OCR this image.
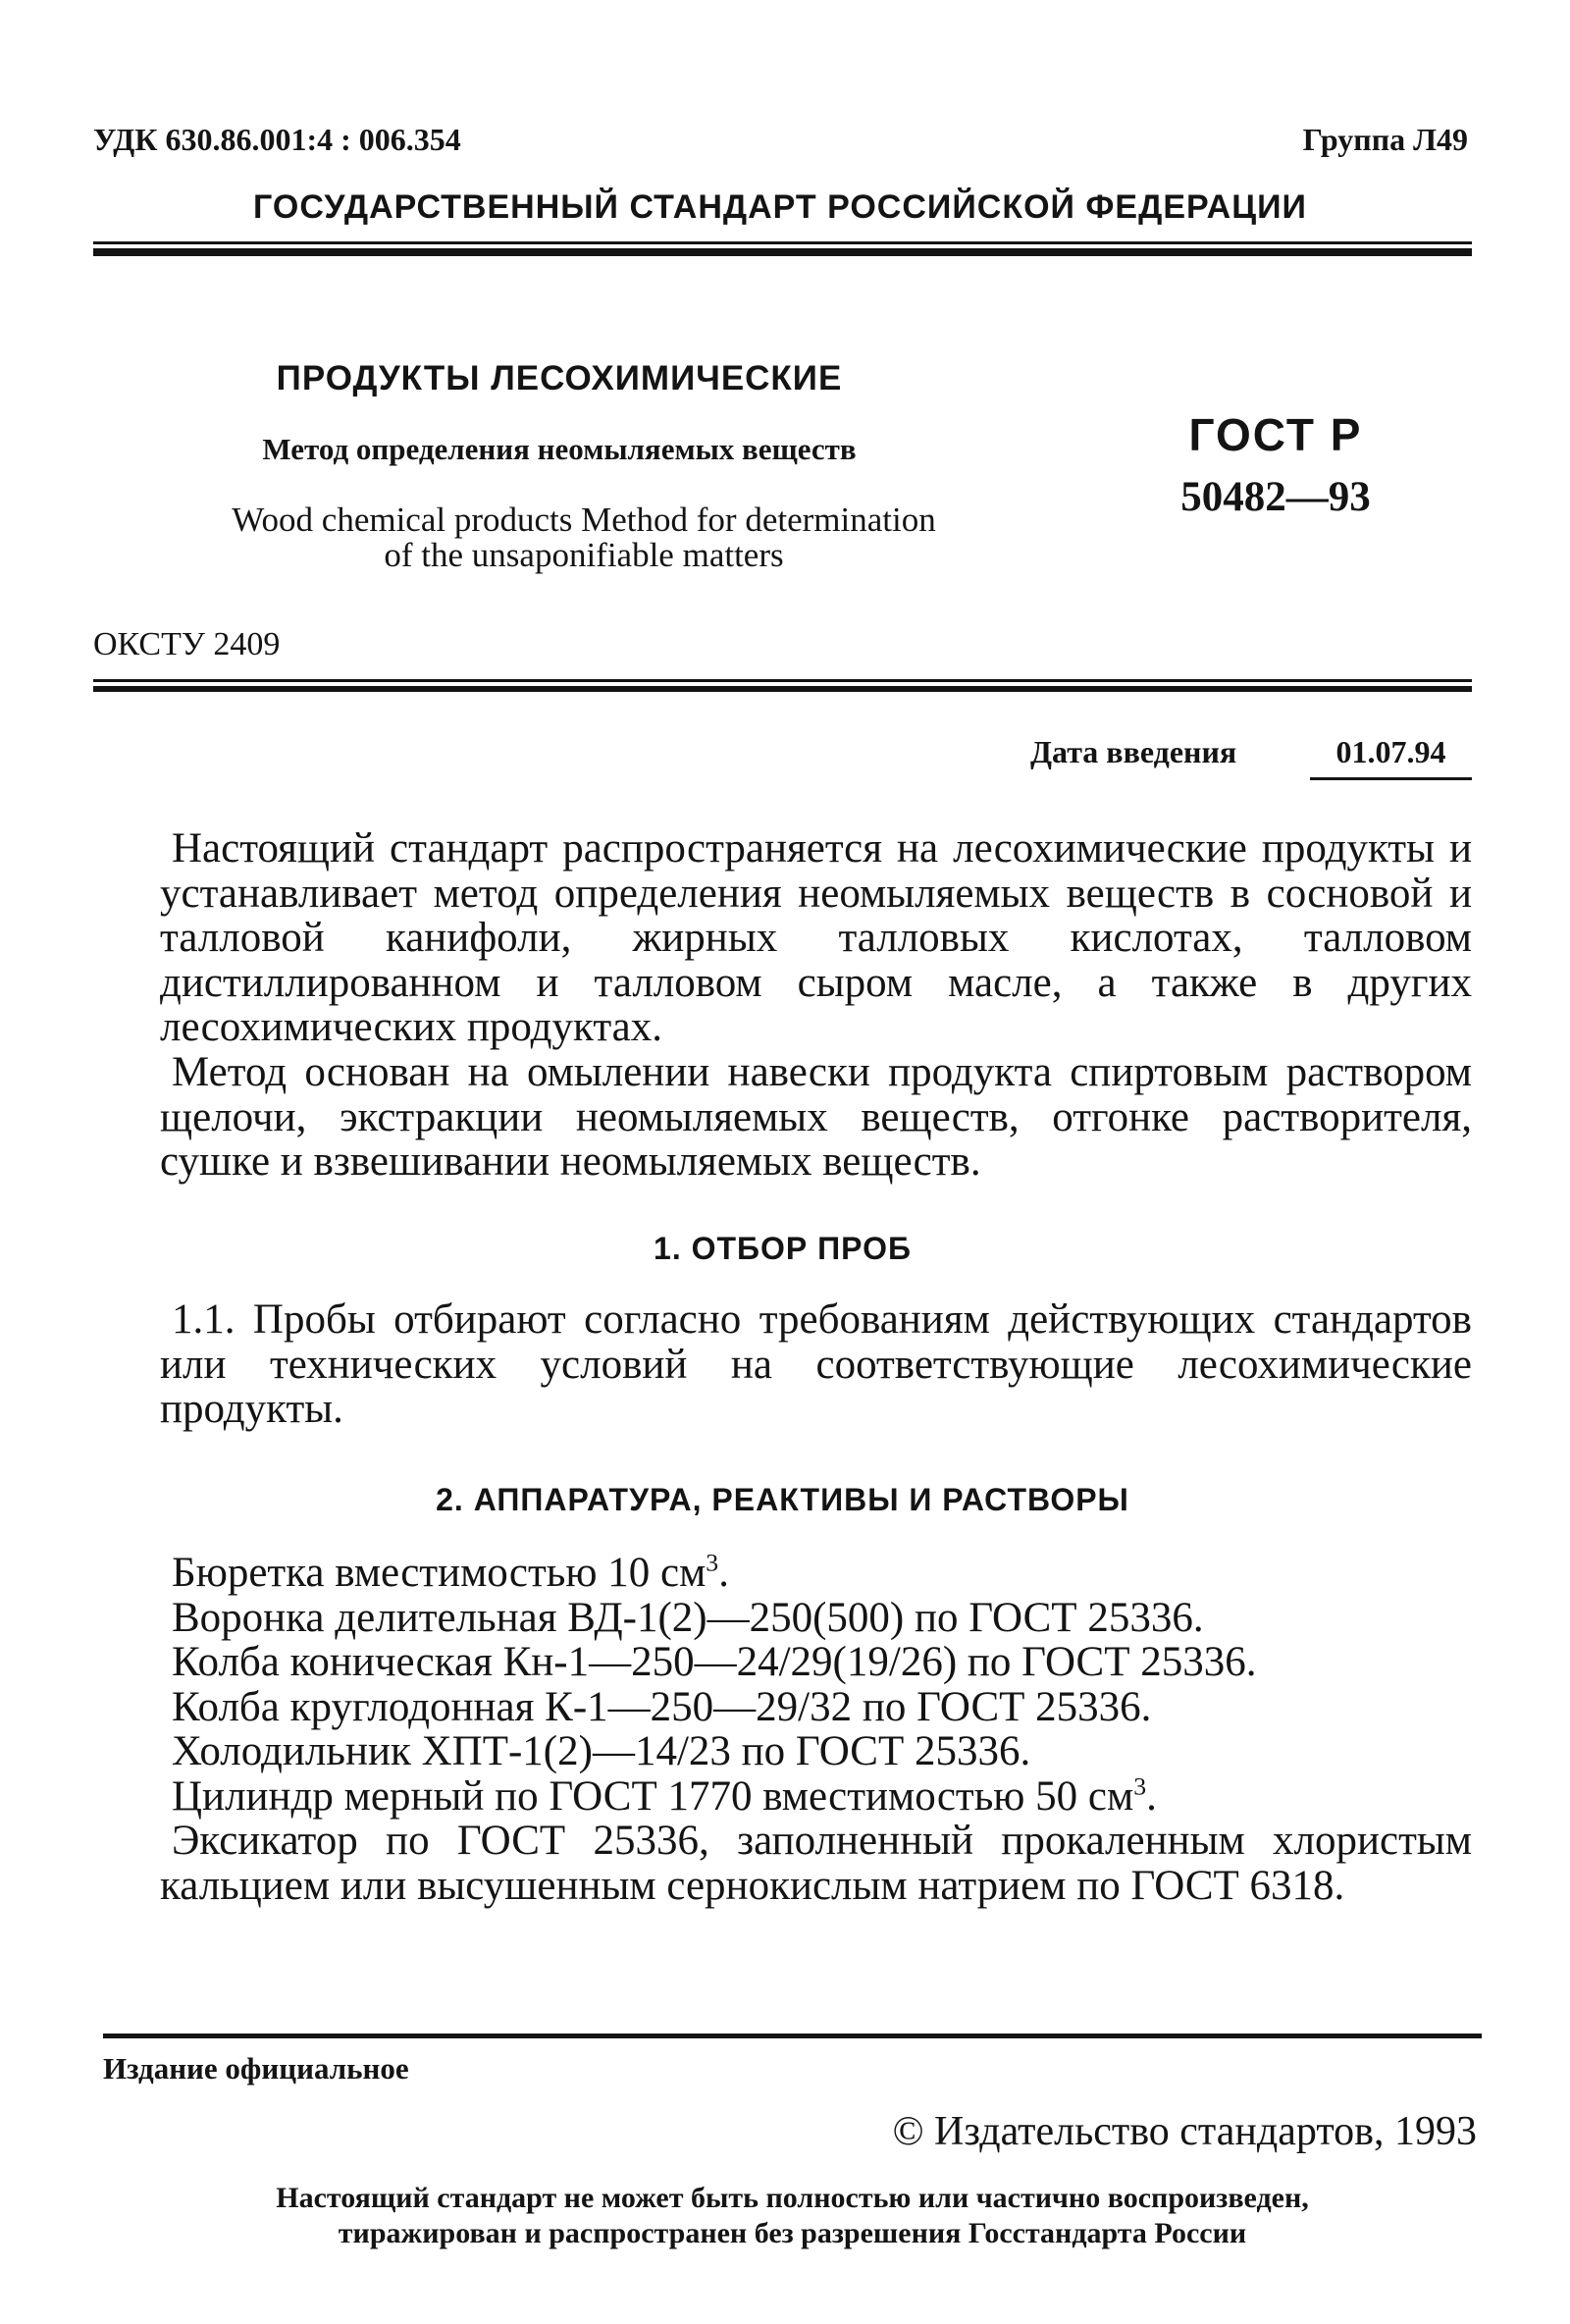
УДК 630.86.001:4 : 006.354	Группа Л49
ГОСУДАРСТВЕННЫЙ СТАНДАРТ РОССИЙСКОЙ ФЕДЕРАЦИИ
ПРОДУКТЫ ЛЕСОХИМИЧЕСКИЕ
Метод определения неомыляемых веществ
Wood chemical products Method for determination
of the unsaponifiable matters
ГОСТ Р
50482—93
ОКСТУ 2409
Дата введения	01.07.94
Настоящий стандарт распространяется на лесохимические продукты и устанавливает метод определения неомыляемых веществ в сосновой и талловой канифоли, жирных талловых кислотах, талловом дистиллированном и талловом сыром масле, а также в других лесохимических продуктах.
Метод основан на омылении навески продукта спиртовым раствором щелочи, экстракции неомыляемых веществ, отгонке растворителя, сушке и взвешивании неомыляемых веществ.
1. ОТБОР ПРОБ
1.1. Пробы отбирают согласно требованиям действующих стандартов или технических условий на соответствующие лесохимические продукты.
2. АППАРАТУРА, РЕАКТИВЫ И РАСТВОРЫ
Бюретка вместимостью 10 $см^3$.
Воронка делительная ВД-1(2)—250(500) по ГОСТ 25336.
Колба коническая Кн-1—250—24/29(19/26) по ГОСТ 25336.
Колба круглодонная К-1—250—29/32 по ГОСТ 25336.
Холодильник ХПТ-1(2)—14/23 по ГОСТ 25336.
Цилиндр мерный по ГОСТ 1770 вместимостью 50 $см^3$.
Эксикатор по ГОСТ 25336, заполненный прокаленным хлористым кальцием или высушенным сернокислым натрием по ГОСТ 6318.
Издание официальное
© Издательство стандартов, 1993
Настоящий стандарт не может быть полностью или частично воспроизведен,
тиражирован и распространен без разрешения Госстандарта России
